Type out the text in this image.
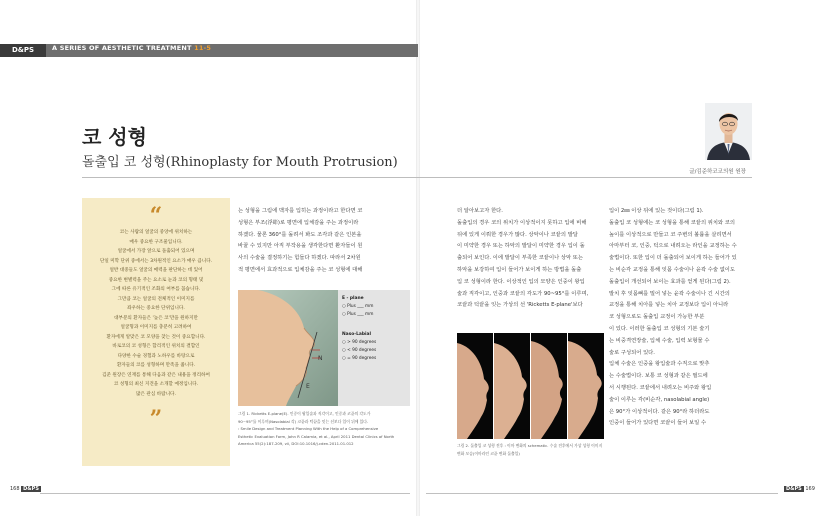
D&PS	A SERIES OF AESTHETIC TREATMENT 11-5
코 성형
돌출입 코 성형(Rhinoplasty for Mouth Protrusion)
글/김준하코코의원 원장
“
코는 사람의 얼굴의 중앙에 위치하는
매우 중요한 구조물입니다.
얼굴에서 가장 앞으로 돌출되어 있으며
단일 미학 단위 중에서는 3차원적인 요소가 매우 큽니다.
얼반 대중들도 얼굴의 매력을 판단하는 데 있어
중요한 변별력을 주는 요소로 눈과 코의 형태 및
그에 따른 유기적인 조화의 여부를 꼽습니다.
그만큼 코는 얼굴의 전체적인 이미지를
좌우하는 중요한 단위입니다.
대부분의 환자들은 '높은 코'만을 원하지만
얼굴형과 이미지를 충분히 고려하여
환자에게 알맞은 코 모양을 찾는 것이 중요합니다.
바로코의 코 성형은 합리적인 위치의 결합인
다양한 수술 경험과 노하우를 바탕으로
환자들의 코를 성형하며 만족을 줍니다.
김준 원장은 연재를 통해 다음과 같은 내용을 정리하여
코 성형의 최신 지견을 소개할 예정입니다.
많은 관심 바랍니다.
”
는 성형을 그림에 맥자를 입히는 과정이라고 한다면 코
성형은 부조(浮彫)로 평면에 입체감을 주는 과정이라
하겠다. 물론 360°를 돌려서 봐도 조각과 같은 인본을
바꿀 수 있지만 아직 부작용을 생각한다면 환자들이 원
사의 수술을 결정하기는 힘들다 하겠다. 따라서 2차원
적 평면에서 효과적으로 입체감을 주는 코 성형에 대해
E
N
E - plane
○ Plus ___ mm
○ Plus ___ mm
Naso-Labial
○ > 90 degrees
○ < 90 degrees
○ = 90 degrees
그림 1. Ricketts E-plane(E). 인중이 왕입술과 직각이고, 인중과 코끝의 각도가
90~95°를 이루며(Nasolabial 각) 코끝과 턱끝을 잇는 선보다 입이 뒤에 있다.
: Smile Design and Treatment Planning With the Help of a Comprehensive
Esthetic Evaluation Form, John R Calamia, et al., April 2011 Dental Clinics of North
America 55(2):187-209, vii, DOI:10.1016/j.cden.2011.01.012
더 알아보고자 한다.
돌출입의 경우 코의 위치가 이상적이지 못하고 입에 비해
뒤에 있게 이뤄한 경우가 많다. 상악이나 코끝의 발달
이 미약한 경우 또는 하악의 발달이 미약한 경우 입이 돌
출되어 보인다. 이에 발달이 부족한 코끝이나 상악 또는
하악을 보강하여 입이 들어가 보이게 하는 방법을 돌출
입 코 성형이라 한다. 이상적인 입의 모양은 인중이 왕입
술과 직각이고, 인중과 코끝의 각도가 90~95°를 이루며,
코끝과 턱끝을 잇는 가상의 선 'Ricketts E-plane'보다
그림 2. 돌출입 코 성형 전후 : 이마 변화의 schematic. 수술 전후에서 가상 성형 이미지
변화 모습(이마라인 코끝 변화 돌출입)
입이 2㎜ 이상 뒤에 있는 것이다(그림 1).
돌출입 코 성형에는 코 성형을 통해 코끝의 위치와 코의
높이를 이상적으로 만들고 코 주변의 볼륨을 살리면서
아마부터 코, 인중, 턱으로 내려오는 라인을 교정하는 수
술법이다. 또한 입이 더 돌출되어 보이게 하는 들어가 있
는 비순각 교정을 통해 잇몸 수술이나 윤곽 수술 없이도
돌출입이 개선되어 보이는 효과를 얻게 된다(그림 2).
발치 후 잇몸뼈를 밀어 넣는 윤곽 수술이나 긴 시간의
교정을 통해 치아를 넣는 치아 교정보다 입이 아니라
코 성형으로도 돌출입 교정이 가능한 부분
이 있다. 이러한 돌출입 코 성형의 기본 술기
는 비중격연장술, 입체 수술, 입력 보형물 수
술로 구성되어 있다.
입체 수술은 인중을 왕입술과 수직으로 맞추
는 수술법이다. 보통 코 성형과 같은 필드에
서 시행된다. 코끝에서 내려오는 비주와 왕입
술이 이루는 각(비순각, nasolabial angle)
은 90°가 이상적이다. 같은 90°라 하더라도
인중이 들어가 있다면 코끝이 들어 보일 수
168 D&PS	D&PS 169
